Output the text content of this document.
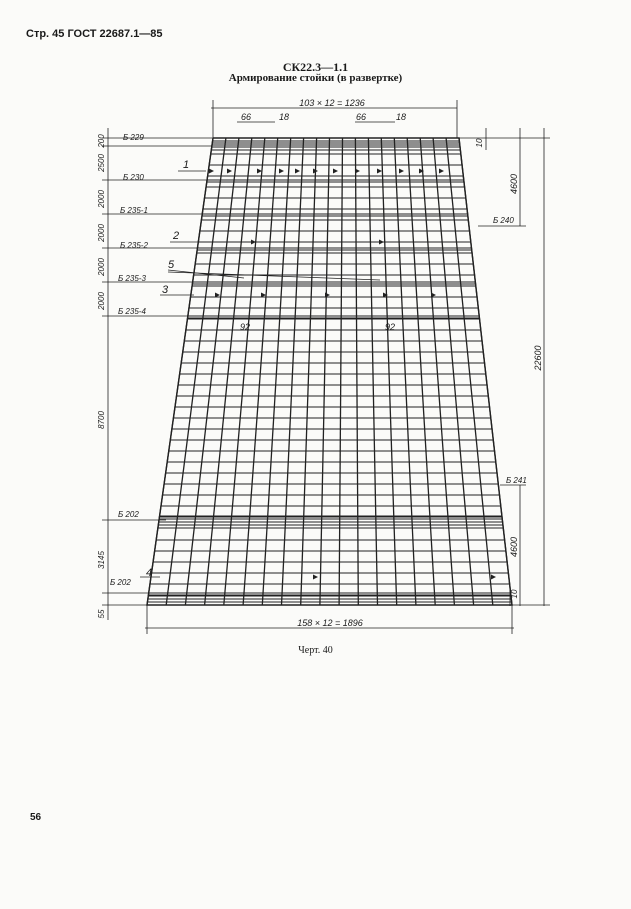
Стр. 45 ГОСТ 22687.1—85
СК22.3—1.1
Армирование стойки (в развертке)
103 × 12 = 1236
66	18	66	18
158 × 12 = 1896
200
2500
2000
2000
2000
2000
8700
3145
55
10
4600
22600
4600
10
Б 229
Б 230
Б 235-1
Б 235-2
Б 235-3
Б 235-4
Б 240
Б 241
Б 202
Б 202
1
2
3
4
5
92	92
Черт. 40
56
